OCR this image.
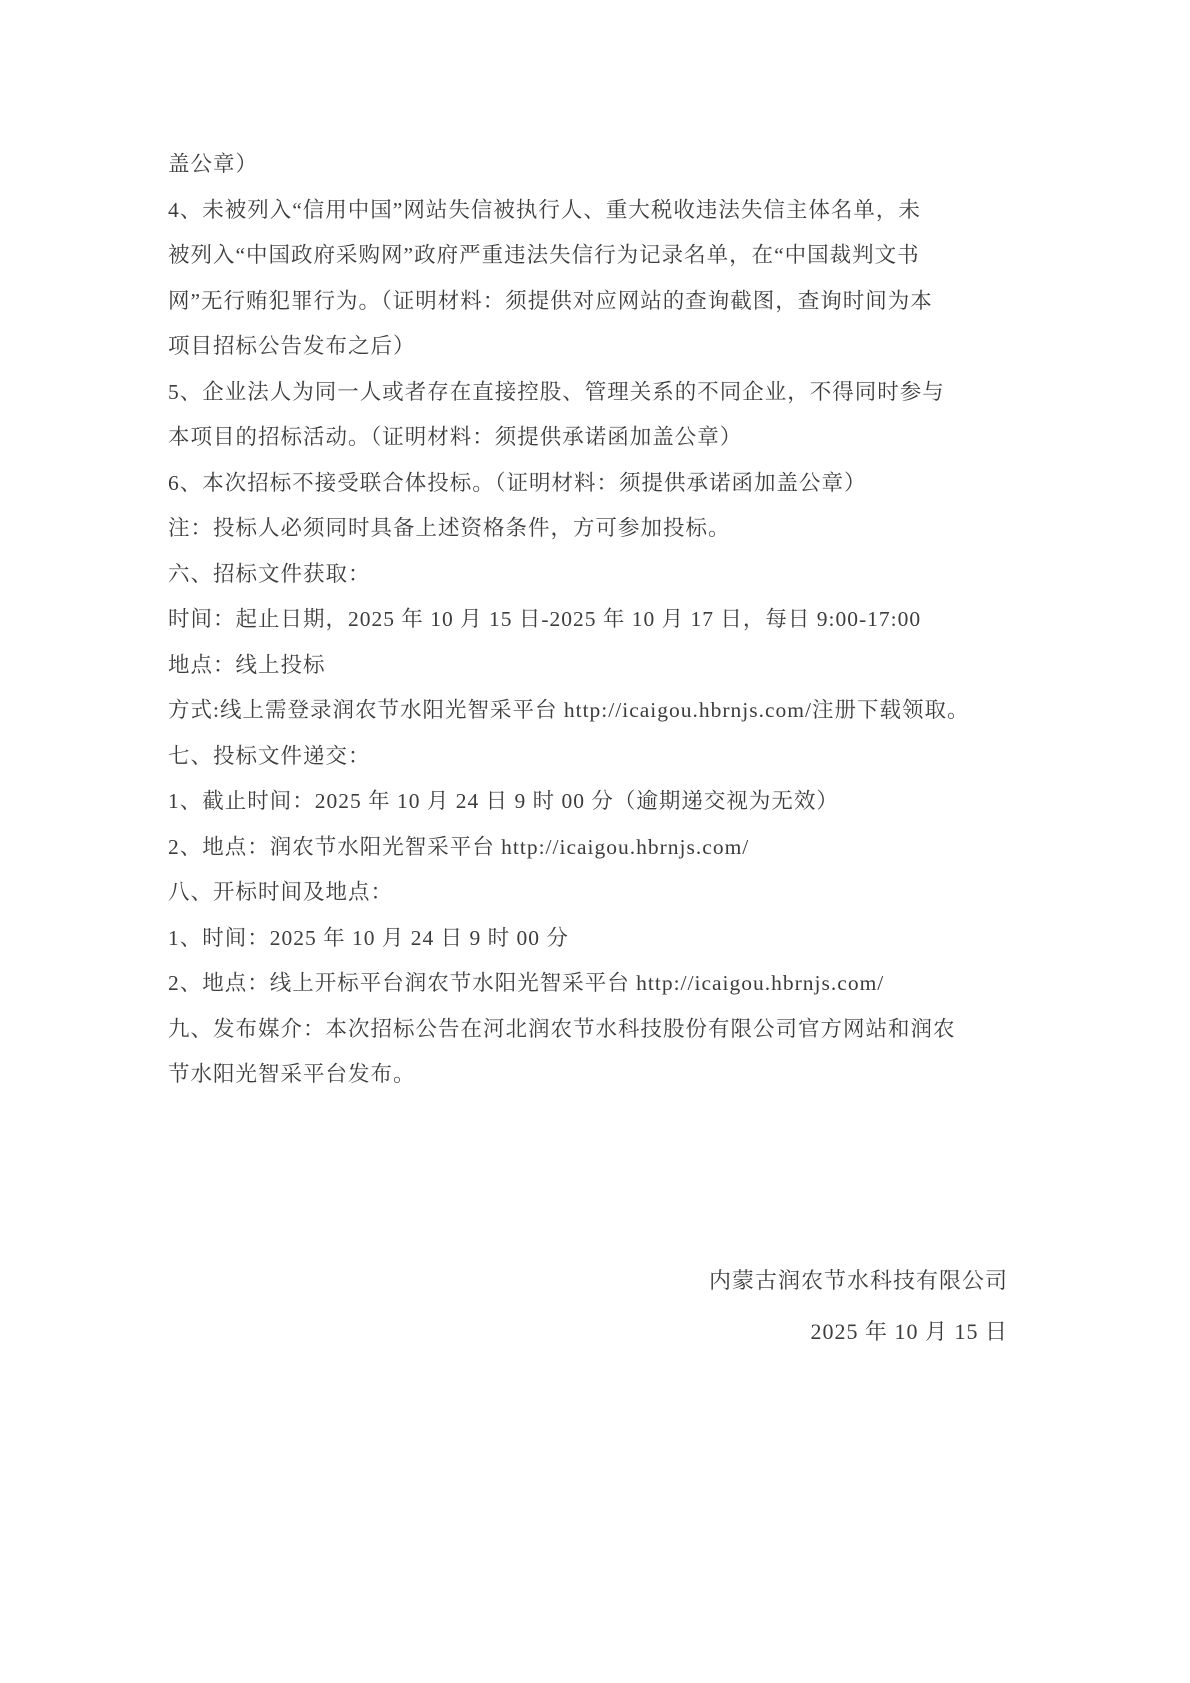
盖公章）
4、未被列入“信用中国”网站失信被执行人、重大税收违法失信主体名单，未
被列入“中国政府采购网”政府严重违法失信行为记录名单，在“中国裁判文书
网”无行贿犯罪行为。（证明材料：须提供对应网站的查询截图，查询时间为本
项目招标公告发布之后）
5、企业法人为同一人或者存在直接控股、管理关系的不同企业，不得同时参与
本项目的招标活动。（证明材料：须提供承诺函加盖公章）
6、本次招标不接受联合体投标。（证明材料：须提供承诺函加盖公章）
注：投标人必须同时具备上述资格条件，方可参加投标。
六、招标文件获取：
时间：起止日期，2025 年 10 月 15 日-2025 年 10 月 17 日，每日 9:00-17:00
地点：线上投标
方式:线上需登录润农节水阳光智采平台 http://icaigou.hbrnjs.com/注册下载领取。
七、投标文件递交：
1、截止时间：2025 年 10 月 24 日 9 时 00 分（逾期递交视为无效）
2、地点：润农节水阳光智采平台 http://icaigou.hbrnjs.com/
八、开标时间及地点：
1、时间：2025 年 10 月 24 日 9 时 00 分
2、地点：线上开标平台润农节水阳光智采平台 http://icaigou.hbrnjs.com/
九、发布媒介：本次招标公告在河北润农节水科技股份有限公司官方网站和润农
节水阳光智采平台发布。
内蒙古润农节水科技有限公司
2025 年 10 月 15 日
